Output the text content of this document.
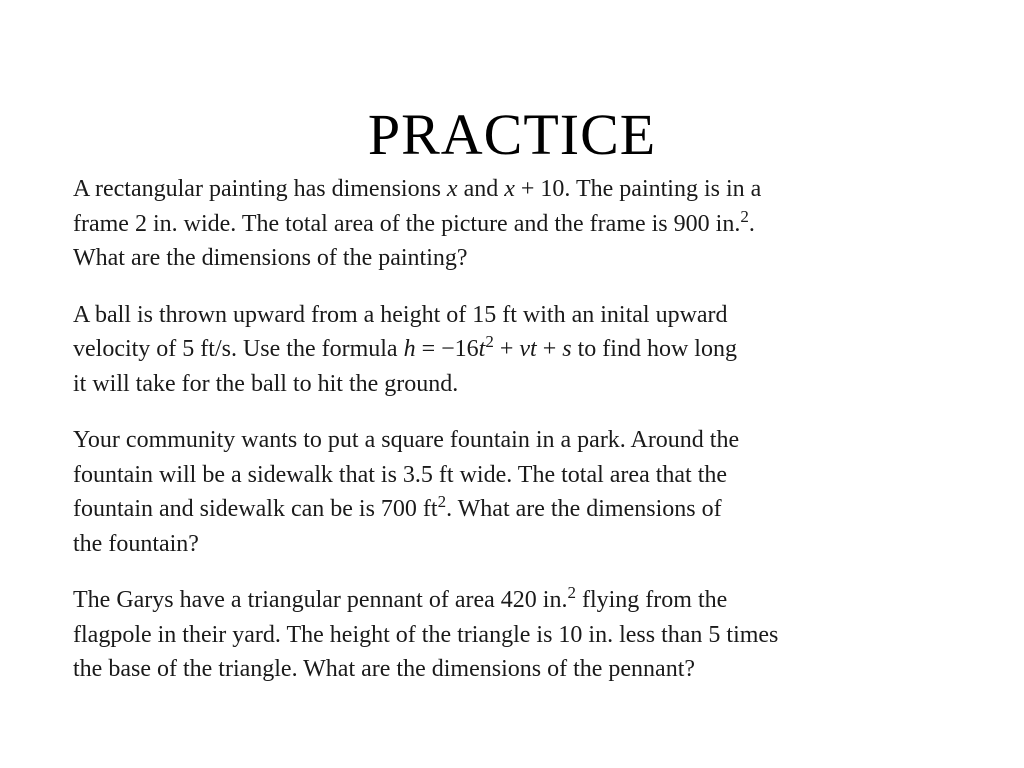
PRACTICE

A rectangular painting has dimensions x and x + 10. The painting is in a
frame 2 in. wide. The total area of the picture and the frame is 900 in.$^2$.
What are the dimensions of the painting?

A ball is thrown upward from a height of 15 ft with an inital upward
velocity of 5 ft/s. Use the formula $h = -16t^2$ + vt + s to find how long
it will take for the ball to hit the ground.

Your community wants to put a square fountain in a park. Around the
fountain will be a sidewalk that is 3.5 ft wide. The total area that the
fountain and sidewalk can be is 700 $ft^2$. What are the dimensions of
the fountain?

The Garys have a triangular pennant of area 420 in.$^2$ flying from the
flagpole in their yard. The height of the triangle is 10 in. less than 5 times
the base of the triangle. What are the dimensions of the pennant?
